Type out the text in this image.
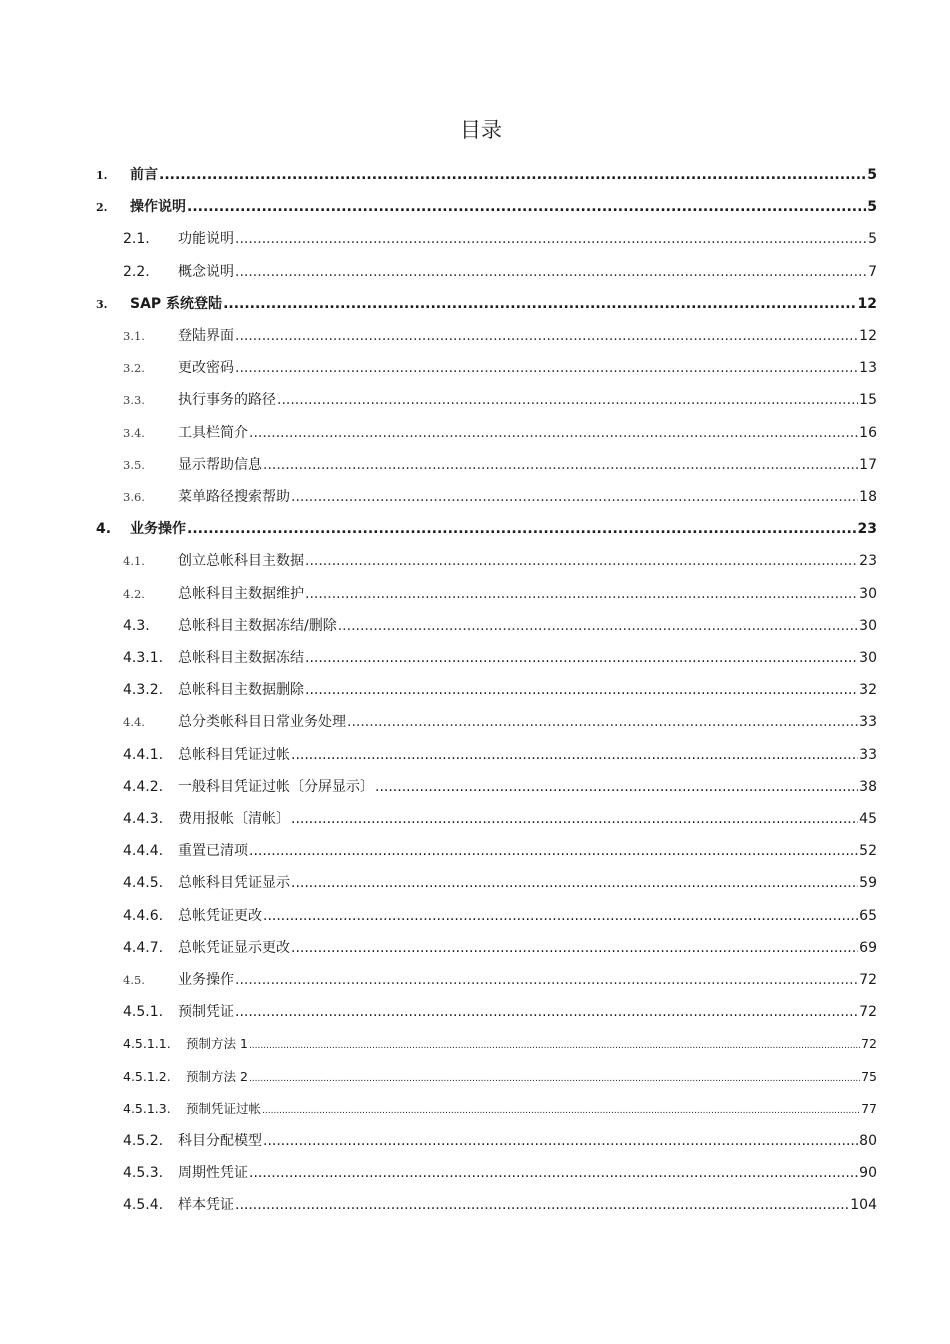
目录
1.	前言 .....	5
2.	操作说明 .....	5
2.1.	功能说明 .....	5
2.2.	概念说明 .....	7
3.	SAP 系统登陆 .....	12
3.1.	登陆界面 .....	12
3.2.	更改密码 .....	13
3.3.	执行事务的路径 .....	15
3.4.	工具栏简介 .....	16
3.5.	显示帮助信息 .....	17
3.6.	菜单路径搜索帮助 .....	18
4.	业务操作 .....	23
4.1.	创立总帐科目主数据 .....	23
4.2.	总帐科目主数据维护 .....	30
4.3.	总帐科目主数据冻结/删除 .....	30
4.3.1.	总帐科目主数据冻结 .....	30
4.3.2.	总帐科目主数据删除 .....	32
4.4.	总分类帐科目日常业务处理 .....	33
4.4.1.	总帐科目凭证过帐 .....	33
4.4.2.	一般科目凭证过帐〔分屏显示〕 .....	38
4.4.3.	费用报帐〔清帐〕 .....	45
4.4.4.	重置已清项 .....	52
4.4.5.	总帐科目凭证显示 .....	59
4.4.6.	总帐凭证更改 .....	65
4.4.7.	总帐凭证显示更改 .....	69
4.5.	业务操作 .....	72
4.5.1.	预制凭证 .....	72
4.5.1.1.	预制方法 1 .....	72
4.5.1.2.	预制方法 2 .....	75
4.5.1.3.	预制凭证过帐 .....	77
4.5.2.	科目分配模型 .....	80
4.5.3.	周期性凭证 .....	90
4.5.4.	样本凭证 .....	104
